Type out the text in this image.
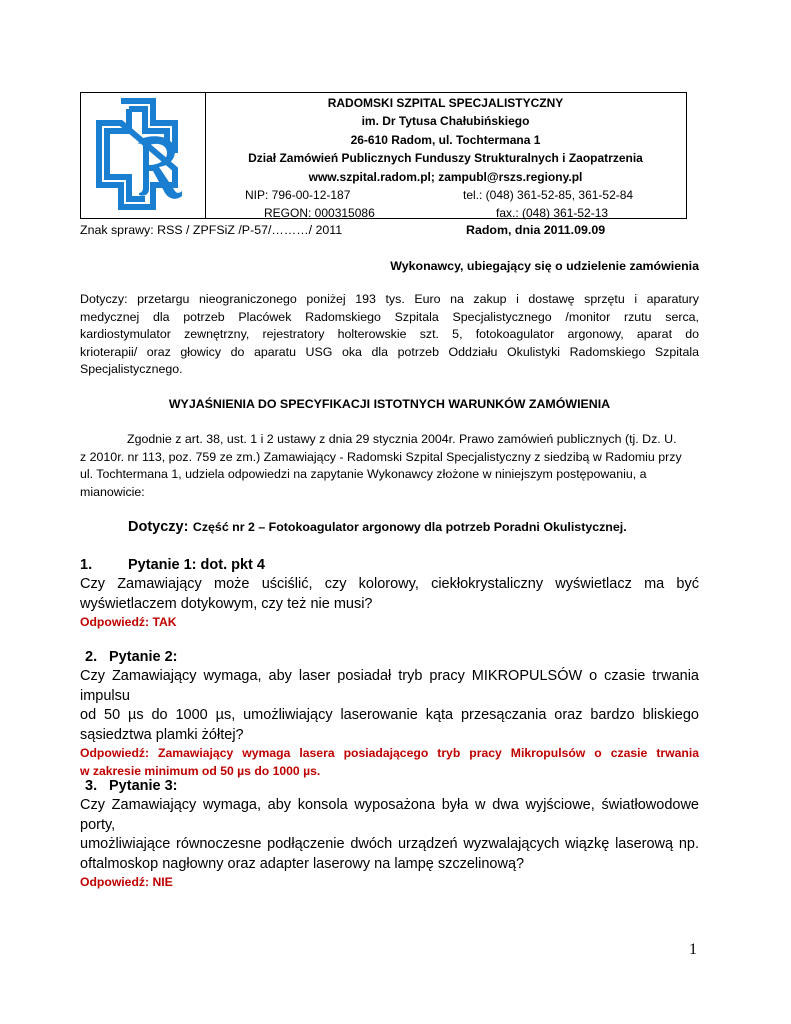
RADOMSKI SZPITAL SPECJALISTYCZNY
im. Dr Tytusa Chałubińskiego
26-610 Radom, ul. Tochtermana 1
Dział Zamówień Publicznych Funduszy Strukturalnych i Zaopatrzenia
www.szpital.radom.pl; zampubl@rszs.regiony.pl
NIP: 796-00-12-187	tel.: (048) 361-52-85, 361-52-84
REGON: 000315086	fax.: (048) 361-52-13
Znak sprawy: RSS / ZPFSiZ /P-57/………/ 2011	Radom, dnia 2011.09.09
Wykonawcy, ubiegający się o udzielenie zamówienia
Dotyczy: przetargu nieograniczonego poniżej 193 tys. Euro na zakup i dostawę sprzętu i aparatury
medycznej dla potrzeb Placówek Radomskiego Szpitala Specjalistycznego /monitor rzutu serca,
kardiostymulator zewnętrzny, rejestratory holterowskie szt. 5, fotokoagulator argonowy, aparat do
krioterapii/ oraz głowicy do aparatu USG oka dla potrzeb Oddziału Okulistyki Radomskiego Szpitala
Specjalistycznego.
WYJAŚNIENIA DO SPECYFIKACJI ISTOTNYCH WARUNKÓW ZAMÓWIENIA
Zgodnie z art. 38, ust. 1 i 2 ustawy z dnia 29 stycznia 2004r. Prawo zamówień publicznych (tj. Dz. U.
z 2010r. nr 113, poz. 759 ze zm.) Zamawiający - Radomski Szpital Specjalistyczny z siedzibą w Radomiu przy
ul. Tochtermana 1, udziela odpowiedzi na zapytanie Wykonawcy złożone w niniejszym postępowaniu, a
mianowicie:
Dotyczy: Część nr 2 – Fotokoagulator argonowy dla potrzeb Poradni Okulistycznej.
1. Pytanie 1: dot. pkt 4
Czy Zamawiający może uściślić, czy kolorowy, ciekłokrystaliczny wyświetlacz ma być
wyświetlaczem dotykowym, czy też nie musi?
Odpowiedź: TAK
2. Pytanie 2:
Czy Zamawiający wymaga, aby laser posiadał tryb pracy MIKROPULSÓW o czasie trwania impulsu
od 50 µs do 1000 µs, umożliwiający laserowanie kąta przesączania oraz bardzo bliskiego
sąsiedztwa plamki żółtej?
Odpowiedź: Zamawiający wymaga lasera posiadającego tryb pracy Mikropulsów o czasie trwania
w zakresie minimum od 50 µs do 1000 µs.
3. Pytanie 3:
Czy Zamawiający wymaga, aby konsola wyposażona była w dwa wyjściowe, światłowodowe porty,
umożliwiające równoczesne podłączenie dwóch urządzeń wyzwalających wiązkę laserową np.
oftalmoskop nagłowny oraz adapter laserowy na lampę szczelinową?
Odpowiedź: NIE
1
